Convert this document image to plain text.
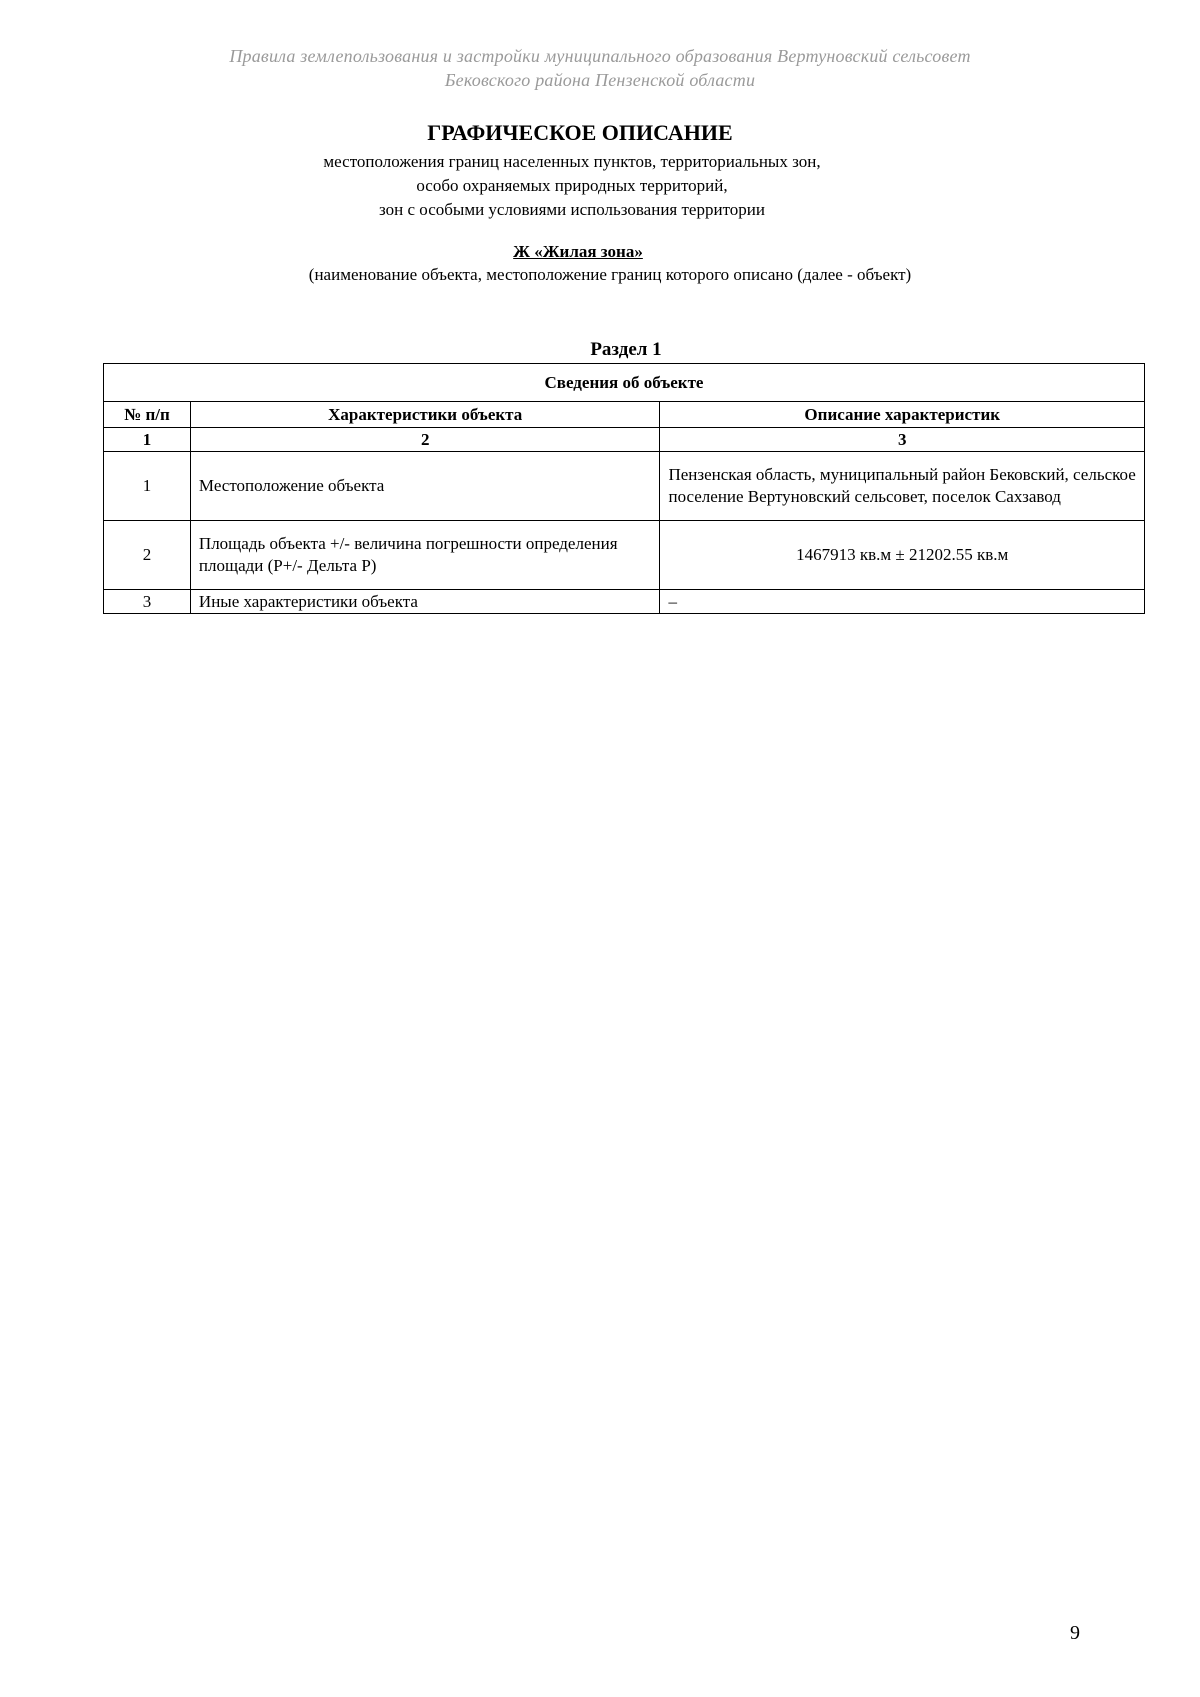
Правила землепользования и застройки муниципального образования Вертуновский сельсовет
Бековского района Пензенской области
ГРАФИЧЕСКОЕ ОПИСАНИЕ
местоположения границ населенных пунктов, территориальных зон,
особо охраняемых природных территорий,
зон с особыми условиями использования территории
Ж «Жилая зона»
(наименование объекта, местоположение границ которого описано (далее - объект)
Раздел 1
Сведения об объекте		
№ п/п	Характеристики объекта	Описание характеристик
1	2	3
1	Местоположение объекта	Пензенская область, муниципальный район Бековский, сельское поселение Вертуновский сельсовет, поселок Сахзавод
2	Площадь объекта +/- величина погрешности определения площади (Р+/- Дельта Р)	1467913 кв.м ± 21202.55 кв.м
3	Иные характеристики объекта	–
9
